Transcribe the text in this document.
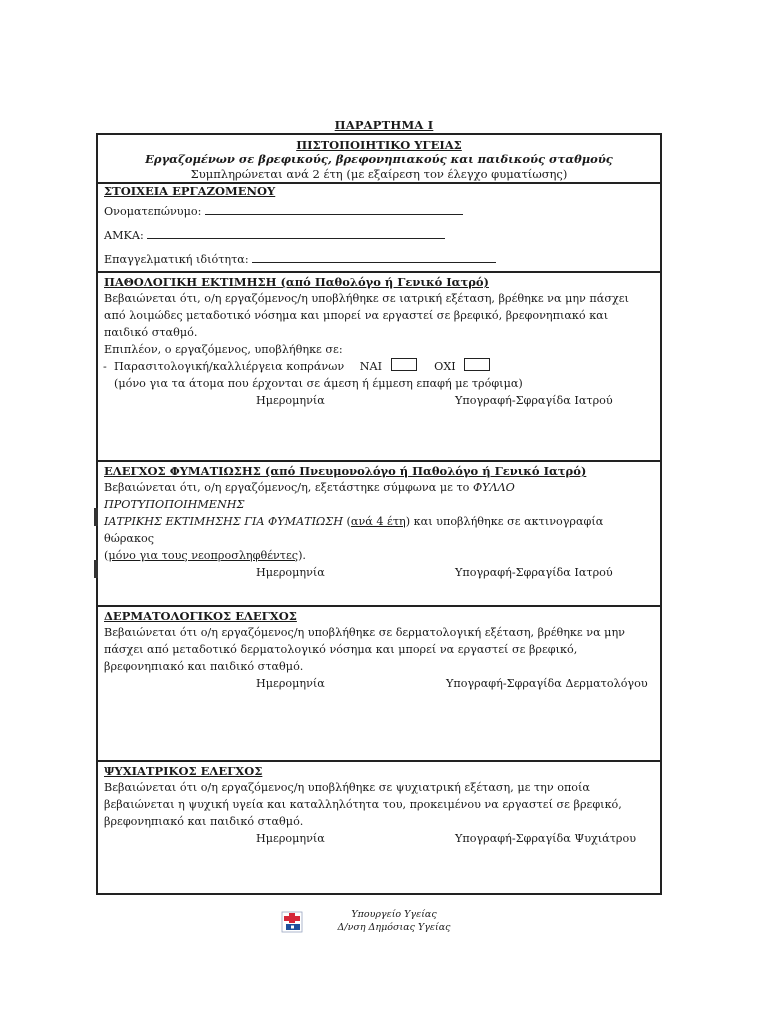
ΠΑΡΑΡΤΗΜΑ Ι
ΠΙΣΤΟΠΟΙΗΤΙΚΟ ΥΓΕΙΑΣ
Εργαζομένων σε βρεφικούς, βρεφονηπιακούς και παιδικούς σταθμούς
Συμπληρώνεται ανά 2 έτη (με εξαίρεση τον έλεγχο φυματίωσης)
ΣΤΟΙΧΕΙΑ ΕΡΓΑΖΟΜΕΝΟΥ
Ονοματεπώνυμο:
ΑΜΚΑ:
Επαγγελματική ιδιότητα:
ΠΑΘΟΛΟΓΙΚΗ ΕΚΤΙΜΗΣΗ (από Παθολόγο ή Γενικό Ιατρό)
Βεβαιώνεται ότι, ο/η εργαζόμενος/η υποβλήθηκε σε ιατρική εξέταση, βρέθηκε να μην πάσχει
από λοιμώδες μεταδοτικό νόσημα και μπορεί να εργαστεί σε βρεφικό, βρεφονηπιακό και
παιδικό σταθμό.
Επιπλέον, ο εργαζόμενος, υποβλήθηκε σε:
- Παρασιτολογική/καλλιέργεια κοπράνων ΝΑΙ	ΟΧΙ
(μόνο για τα άτομα που έρχονται σε άμεση ή έμμεση επαφή με τρόφιμα)
Ημερομηνία	Υπογραφή-Σφραγίδα Ιατρού
ΕΛΕΓΧΟΣ ΦΥΜΑΤΙΩΣΗΣ (από Πνευμονολόγο ή Παθολόγο ή Γενικό Ιατρό)
Βεβαιώνεται ότι, ο/η εργαζόμενος/η, εξετάστηκε σύμφωνα με το ΦΥΛΛΟ ΠΡΟΤΥΠΟΠΟΙΗΜΕΝΗΣ
ΙΑΤΡΙΚΗΣ ΕΚΤΙΜΗΣΗΣ ΓΙΑ ΦΥΜΑΤΙΩΣΗ (ανά 4 έτη) και υποβλήθηκε σε ακτινογραφία θώρακος
(μόνο για τους νεοπροσληφθέντες).
Ημερομηνία	Υπογραφή-Σφραγίδα Ιατρού
ΔΕΡΜΑΤΟΛΟΓΙΚΟΣ ΕΛΕΓΧΟΣ
Βεβαιώνεται ότι ο/η εργαζόμενος/η υποβλήθηκε σε δερματολογική εξέταση, βρέθηκε να μην
πάσχει από μεταδοτικό δερματολογικό νόσημα και μπορεί να εργαστεί σε βρεφικό,
βρεφονηπιακό και παιδικό σταθμό.
Ημερομηνία	Υπογραφή-Σφραγίδα Δερματολόγου
ΨΥΧΙΑΤΡΙΚΟΣ ΕΛΕΓΧΟΣ
Βεβαιώνεται ότι ο/η εργαζόμενος/η υποβλήθηκε σε ψυχιατρική εξέταση, με την οποία
βεβαιώνεται η ψυχική υγεία και καταλληλότητα του, προκειμένου να εργαστεί σε βρεφικό,
βρεφονηπιακό και παιδικό σταθμό.
Ημερομηνία	Υπογραφή-Σφραγίδα Ψυχιάτρου
Υπουργείο Υγείας
Δ/νση Δημόσιας Υγείας
